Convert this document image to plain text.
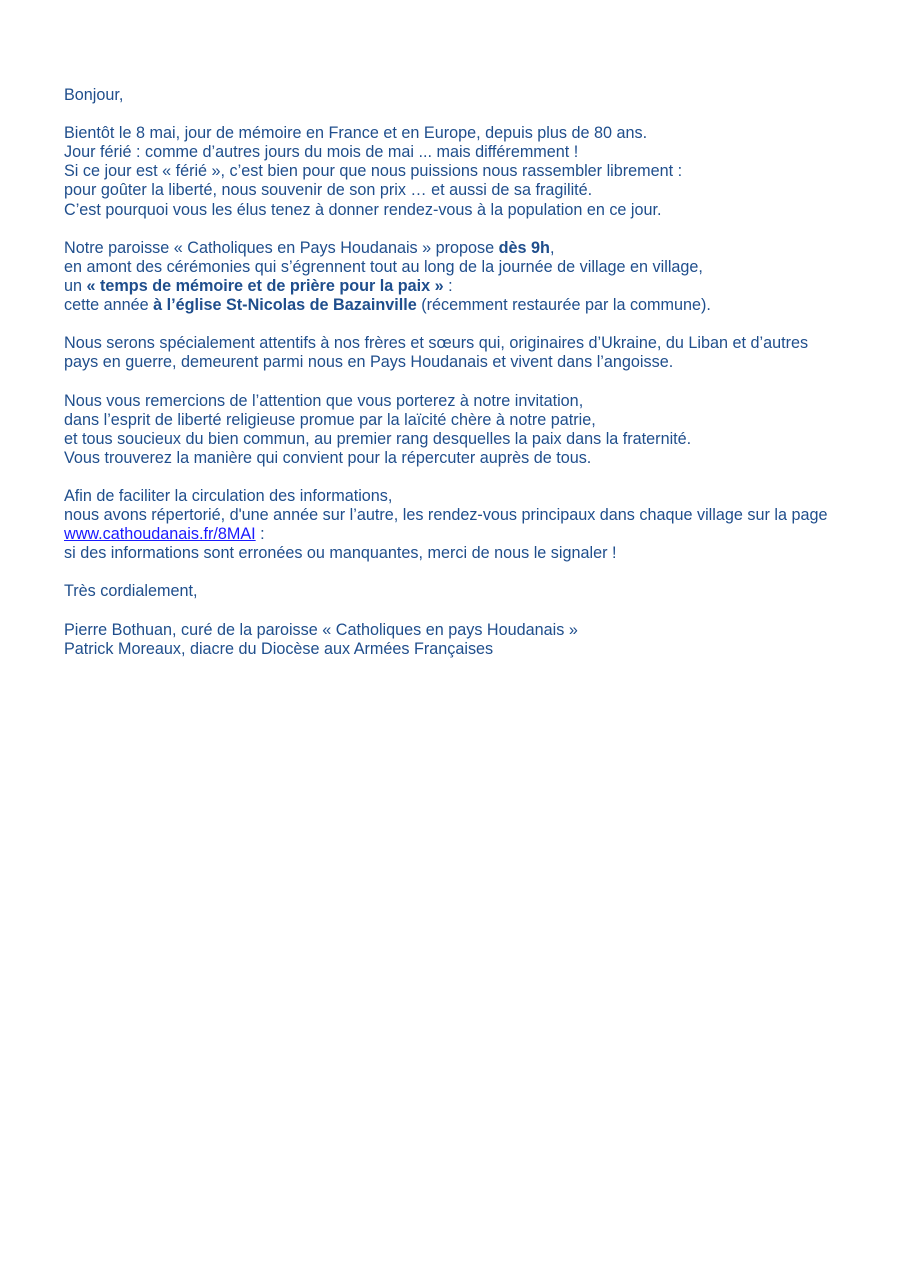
Bonjour,

Bientôt le 8 mai, jour de mémoire en France et en Europe, depuis plus de 80 ans.
Jour férié : comme d’autres jours du mois de mai ... mais différemment !
Si ce jour est « férié », c’est bien pour que nous puissions nous rassembler librement :
pour goûter la liberté, nous souvenir de son prix … et aussi de sa fragilité.
C’est pourquoi vous les élus tenez à donner rendez-vous à la population en ce jour.

Notre paroisse « Catholiques en Pays Houdanais » propose dès 9h,
en amont des cérémonies qui s’égrennent tout au long de la journée de village en village,
un « temps de mémoire et de prière pour la paix » :
cette année à l’église St-Nicolas de Bazainville (récemment restaurée par la commune).

Nous serons spécialement attentifs à nos frères et sœurs qui, originaires d’Ukraine, du Liban et d’autres
pays en guerre, demeurent parmi nous en Pays Houdanais et vivent dans l’angoisse.

Nous vous remercions de l’attention que vous porterez à notre invitation,
dans l’esprit de liberté religieuse promue par la laïcité chère à notre patrie,
et tous soucieux du bien commun, au premier rang desquelles la paix dans la fraternité.
Vous trouverez la manière qui convient pour la répercuter auprès de tous.

Afin de faciliter la circulation des informations,
nous avons répertorié, d'une année sur l’autre, les rendez-vous principaux dans chaque village sur la page
www.cathoudanais.fr/8MAI :
si des informations sont erronées ou manquantes, merci de nous le signaler !

Très cordialement,

Pierre Bothuan, curé de la paroisse « Catholiques en pays Houdanais »
Patrick Moreaux, diacre du Diocèse aux Armées Françaises
